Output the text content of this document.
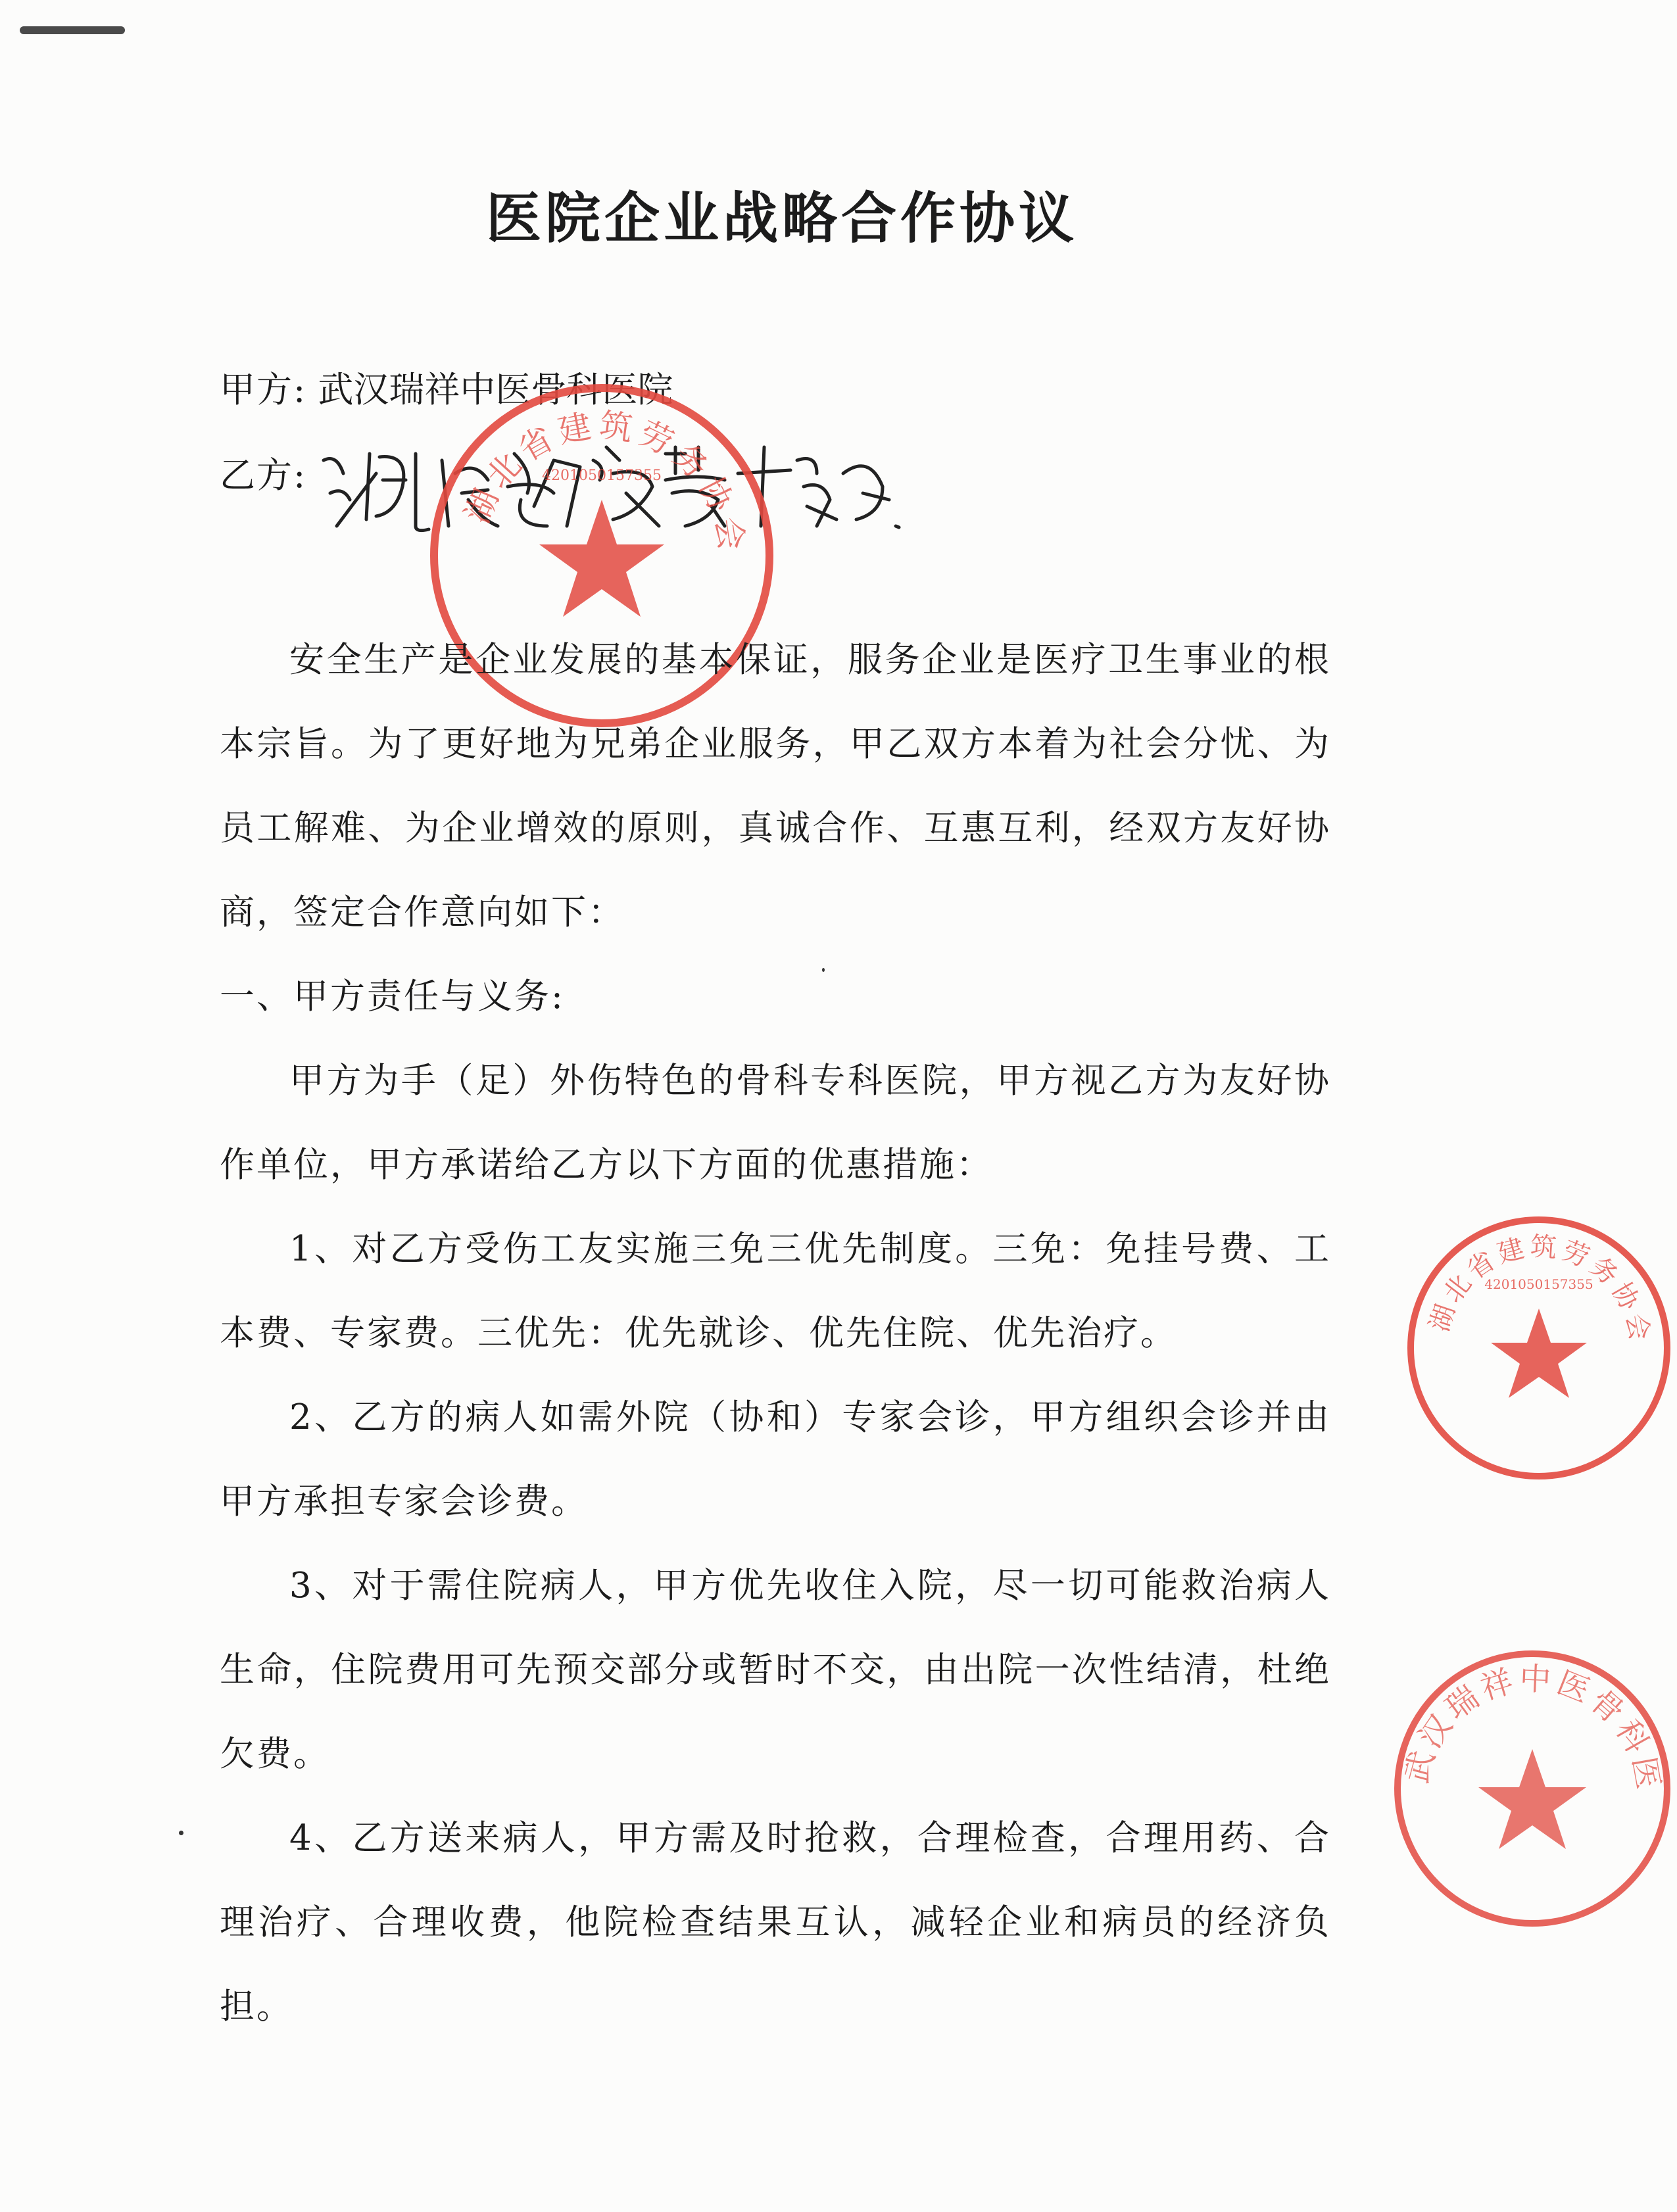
医院企业战略合作协议
甲方: 武汉瑞祥中医骨科医院
乙方:
湖北省建筑劳务协会
4201050157355
湖北省建筑劳务协会
4201050157355
武汉瑞祥中医骨科医院

安全生产是企业发展的基本保证，服务企业是医疗卫生事业的根本宗旨。为了更好地为兄弟企业服务，甲乙双方本着为社会分忧、为员工解难、为企业增效的原则，真诚合作、互惠互利，经双方友好协商，签定合作意向如下：

一、甲方责任与义务:

甲方为手（足）外伤特色的骨科专科医院，甲方视乙方为友好协作单位，甲方承诺给乙方以下方面的优惠措施：

1、对乙方受伤工友实施三免三优先制度。三免：免挂号费、工本费、专家费。三优先：优先就诊、优先住院、优先治疗。

2、乙方的病人如需外院（协和）专家会诊，甲方组织会诊并由甲方承担专家会诊费。

3、对于需住院病人，甲方优先收住入院，尽一切可能救治病人生命，住院费用可先预交部分或暂时不交，由出院一次性结清，杜绝欠费。

4、乙方送来病人，甲方需及时抢救，合理检查，合理用药、合理治疗、合理收费，他院检查结果互认，减轻企业和病员的经济负担。
